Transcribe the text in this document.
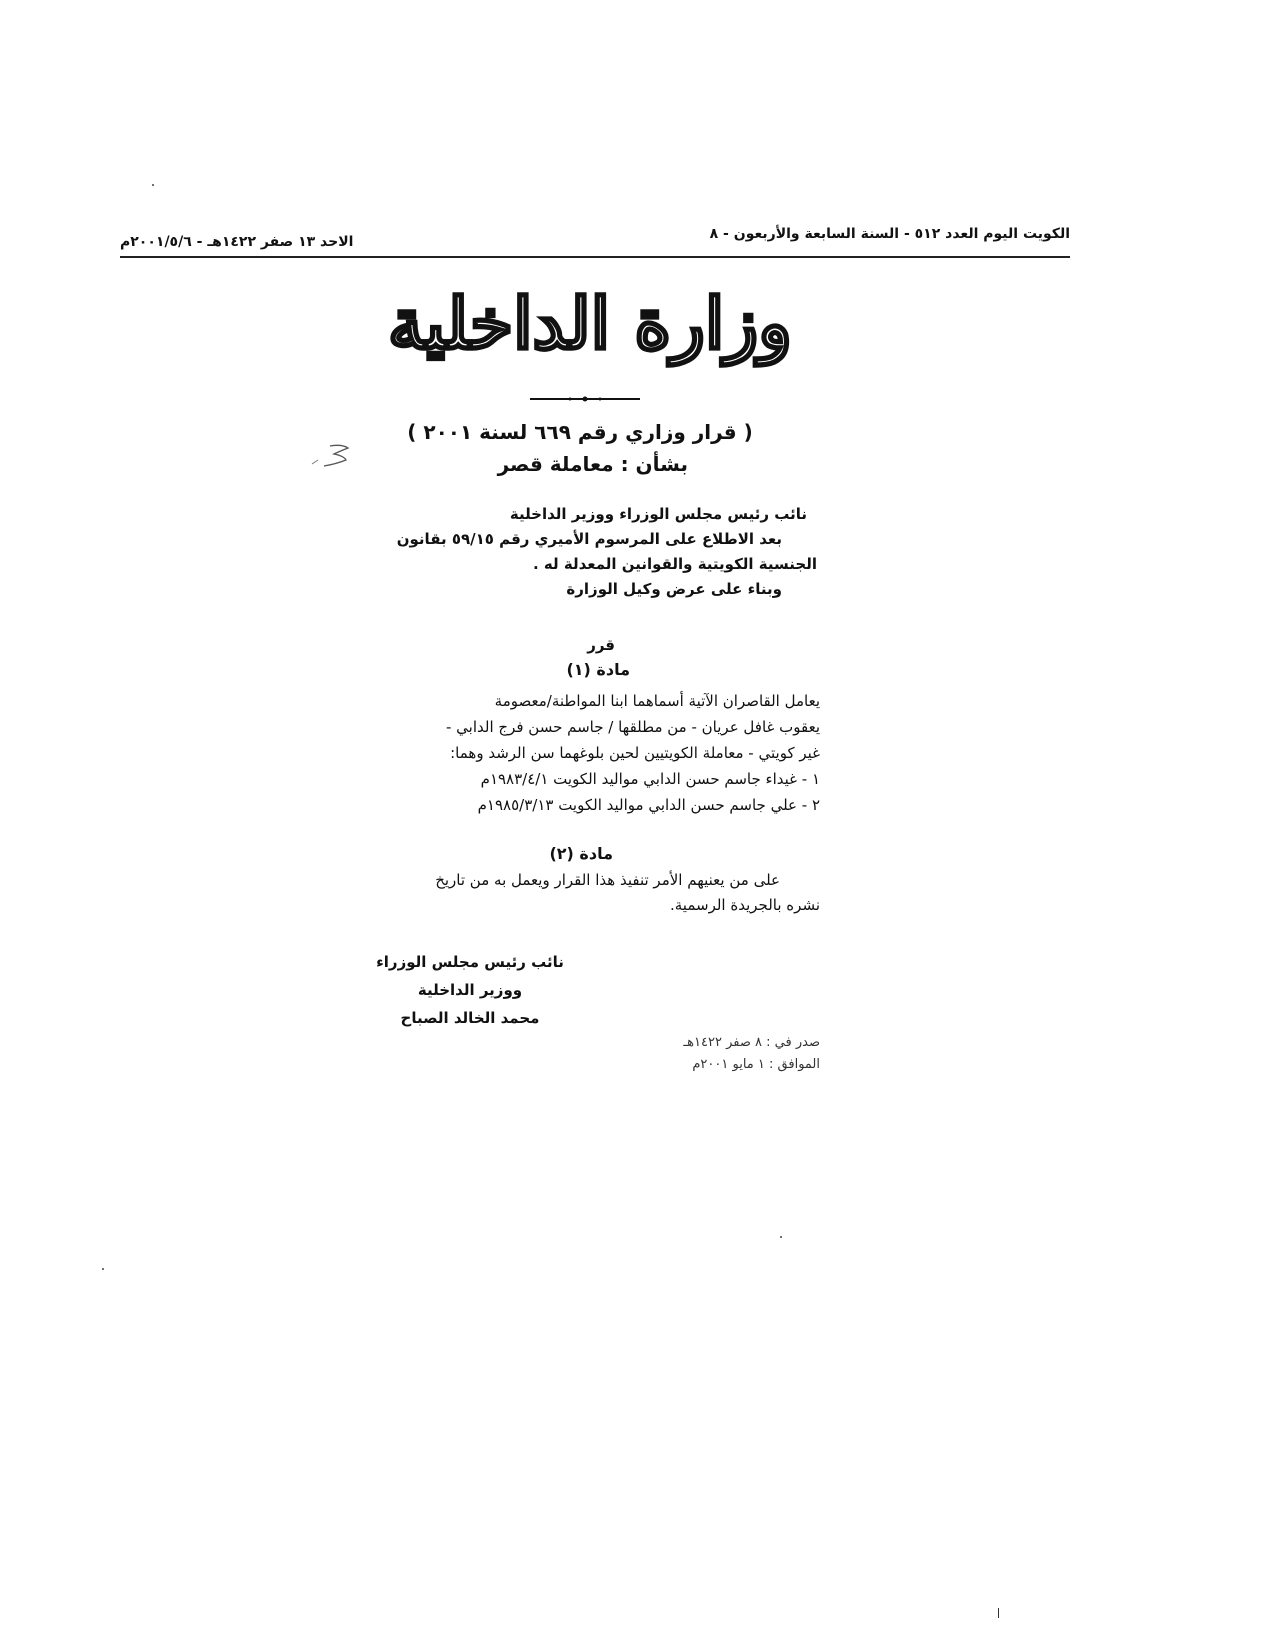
الكويت اليوم العدد ٥١٢ - السنة السابعة والأربعون - ٨
الاحد ١٣ صفر ١٤٢٢هـ - ٢٠٠١/٥/٦م
وزارة الداخلية
( قرار وزاري رقم ٦٦٩ لسنة ٢٠٠١ )
بشأن : معاملة قصر
نائب رئيس مجلس الوزراء ووزير الداخلية
بعد الاطلاع على المرسوم الأميري رقم ٥٩/١٥ بقانون
الجنسية الكويتية والقوانين المعدلة له .
وبناء على عرض وكيل الوزارة
قرر
مادة (١)
يعامل القاصران الآتية أسماهما ابنا المواطنة/معصومة
يعقوب غافل عريان - من مطلقها / جاسم حسن فرج الدابي -
غير كويتي - معاملة الكويتيين لحين بلوغهما سن الرشد وهما:
١ - غيداء جاسم حسن الدابي مواليد الكويت ١٩٨٣/٤/١م
٢ - علي جاسم حسن الدابي مواليد الكويت ١٩٨٥/٣/١٣م
مادة (٢)
على من يعنيهم الأمر تنفيذ هذا القرار ويعمل به من تاريخ
نشره بالجريدة الرسمية.
نائب رئيس مجلس الوزراء
ووزير الداخلية
محمد الخالد الصباح
صدر في : ٨ صفر ١٤٢٢هـ
الموافق : ١ مايو ٢٠٠١م
